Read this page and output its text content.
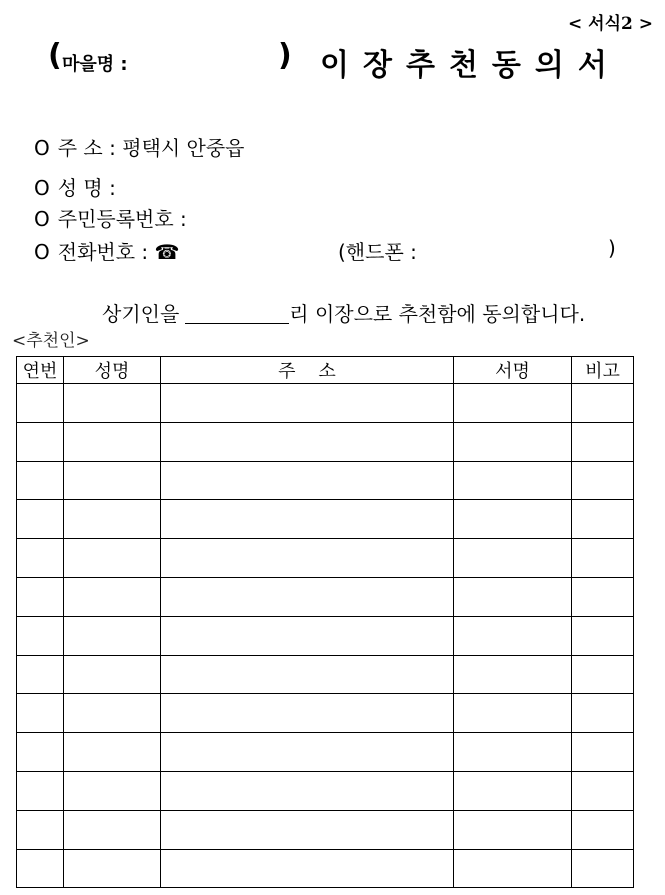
< 서식2 >
( 마을명 :	) 이장추천동의서
O 주 소 : 평택시 안중읍
O 성 명 :
O 주민등록번호 :
O 전화번호 : ☎	(핸드폰 :	)
상기인을	리 이장으로 추천함에 동의합니다.
<추천인>
연번	성명	주    소	서명	비고
